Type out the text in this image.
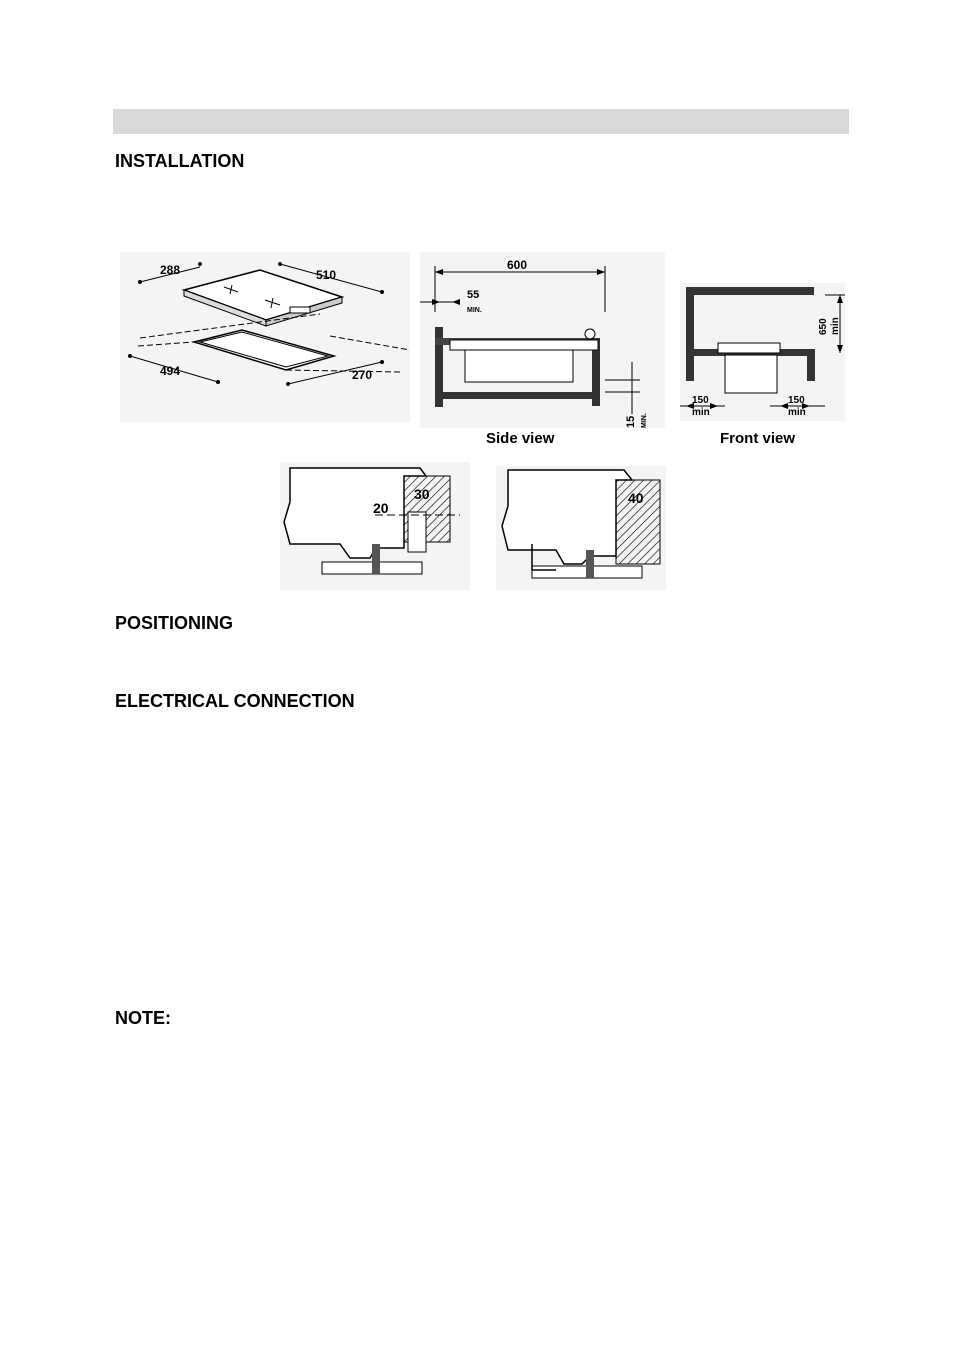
INSTALLATION
288	510
494	270
600
55
MIN.
15 MIN.
Side view
650 min
150
min
150
min
Front view
30
20
40
POSITIONING
ELECTRICAL CONNECTION
NOTE:
